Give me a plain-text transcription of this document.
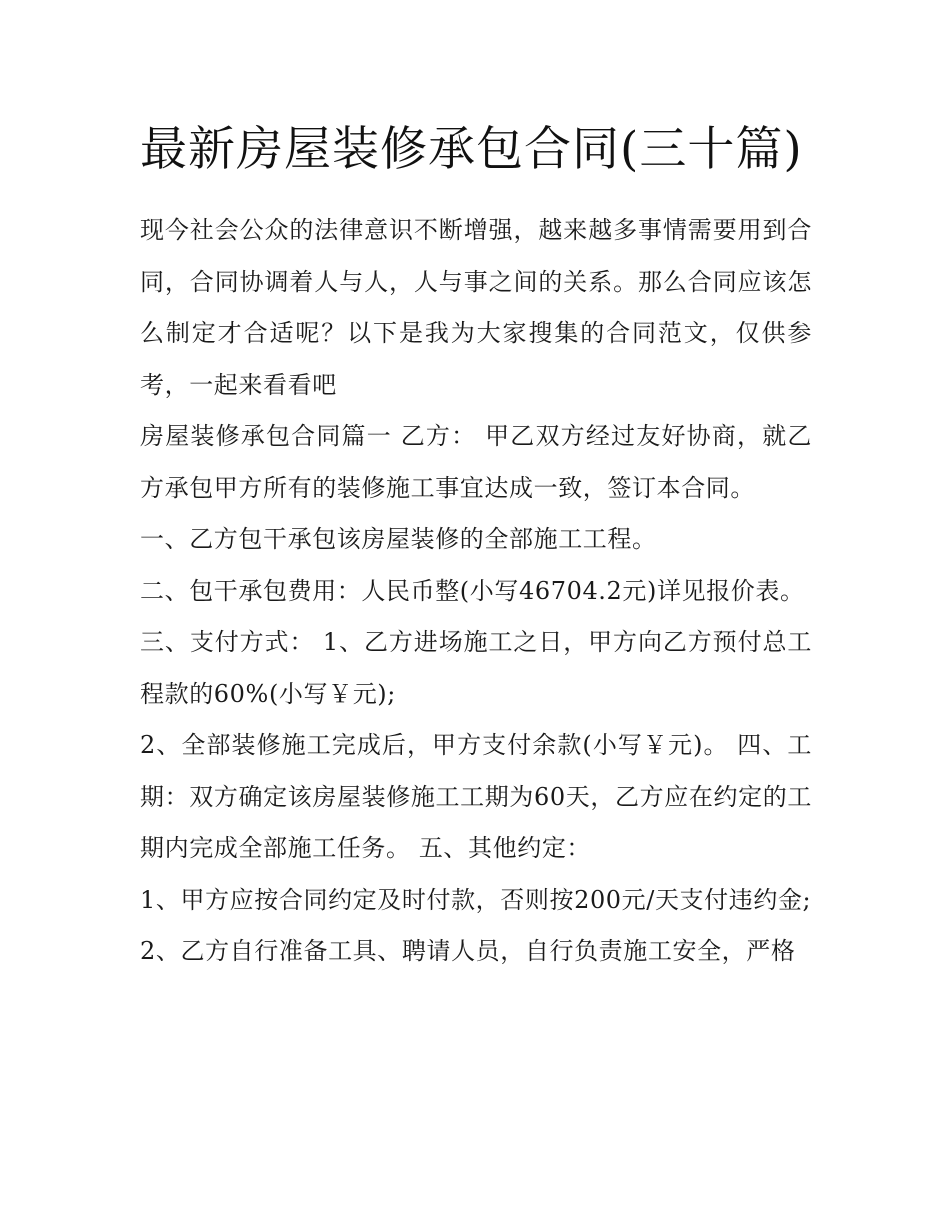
最新房屋装修承包合同(三十篇)

现今社会公众的法律意识不断增强，越来越多事情需要用到合同，合同协调着人与人，人与事之间的关系。那么合同应该怎么制定才合适呢？以下是我为大家搜集的合同范文，仅供参考，一起来看看吧

房屋装修承包合同篇一 乙方： 甲乙双方经过友好协商，就乙方承包甲方所有的装修施工事宜达成一致，签订本合同。

一、乙方包干承包该房屋装修的全部施工工程。

二、包干承包费用：人民币整(小写46704.2元)详见报价表。

三、支付方式： 1、乙方进场施工之日，甲方向乙方预付总工程款的60%(小写￥元);

2、全部装修施工完成后，甲方支付余款(小写￥元)。 四、工期：双方确定该房屋装修施工工期为60天，乙方应在约定的工期内完成全部施工任务。 五、其他约定：

1、甲方应按合同约定及时付款，否则按200元/天支付违约金;

2、乙方自行准备工具、聘请人员，自行负责施工安全，严格
